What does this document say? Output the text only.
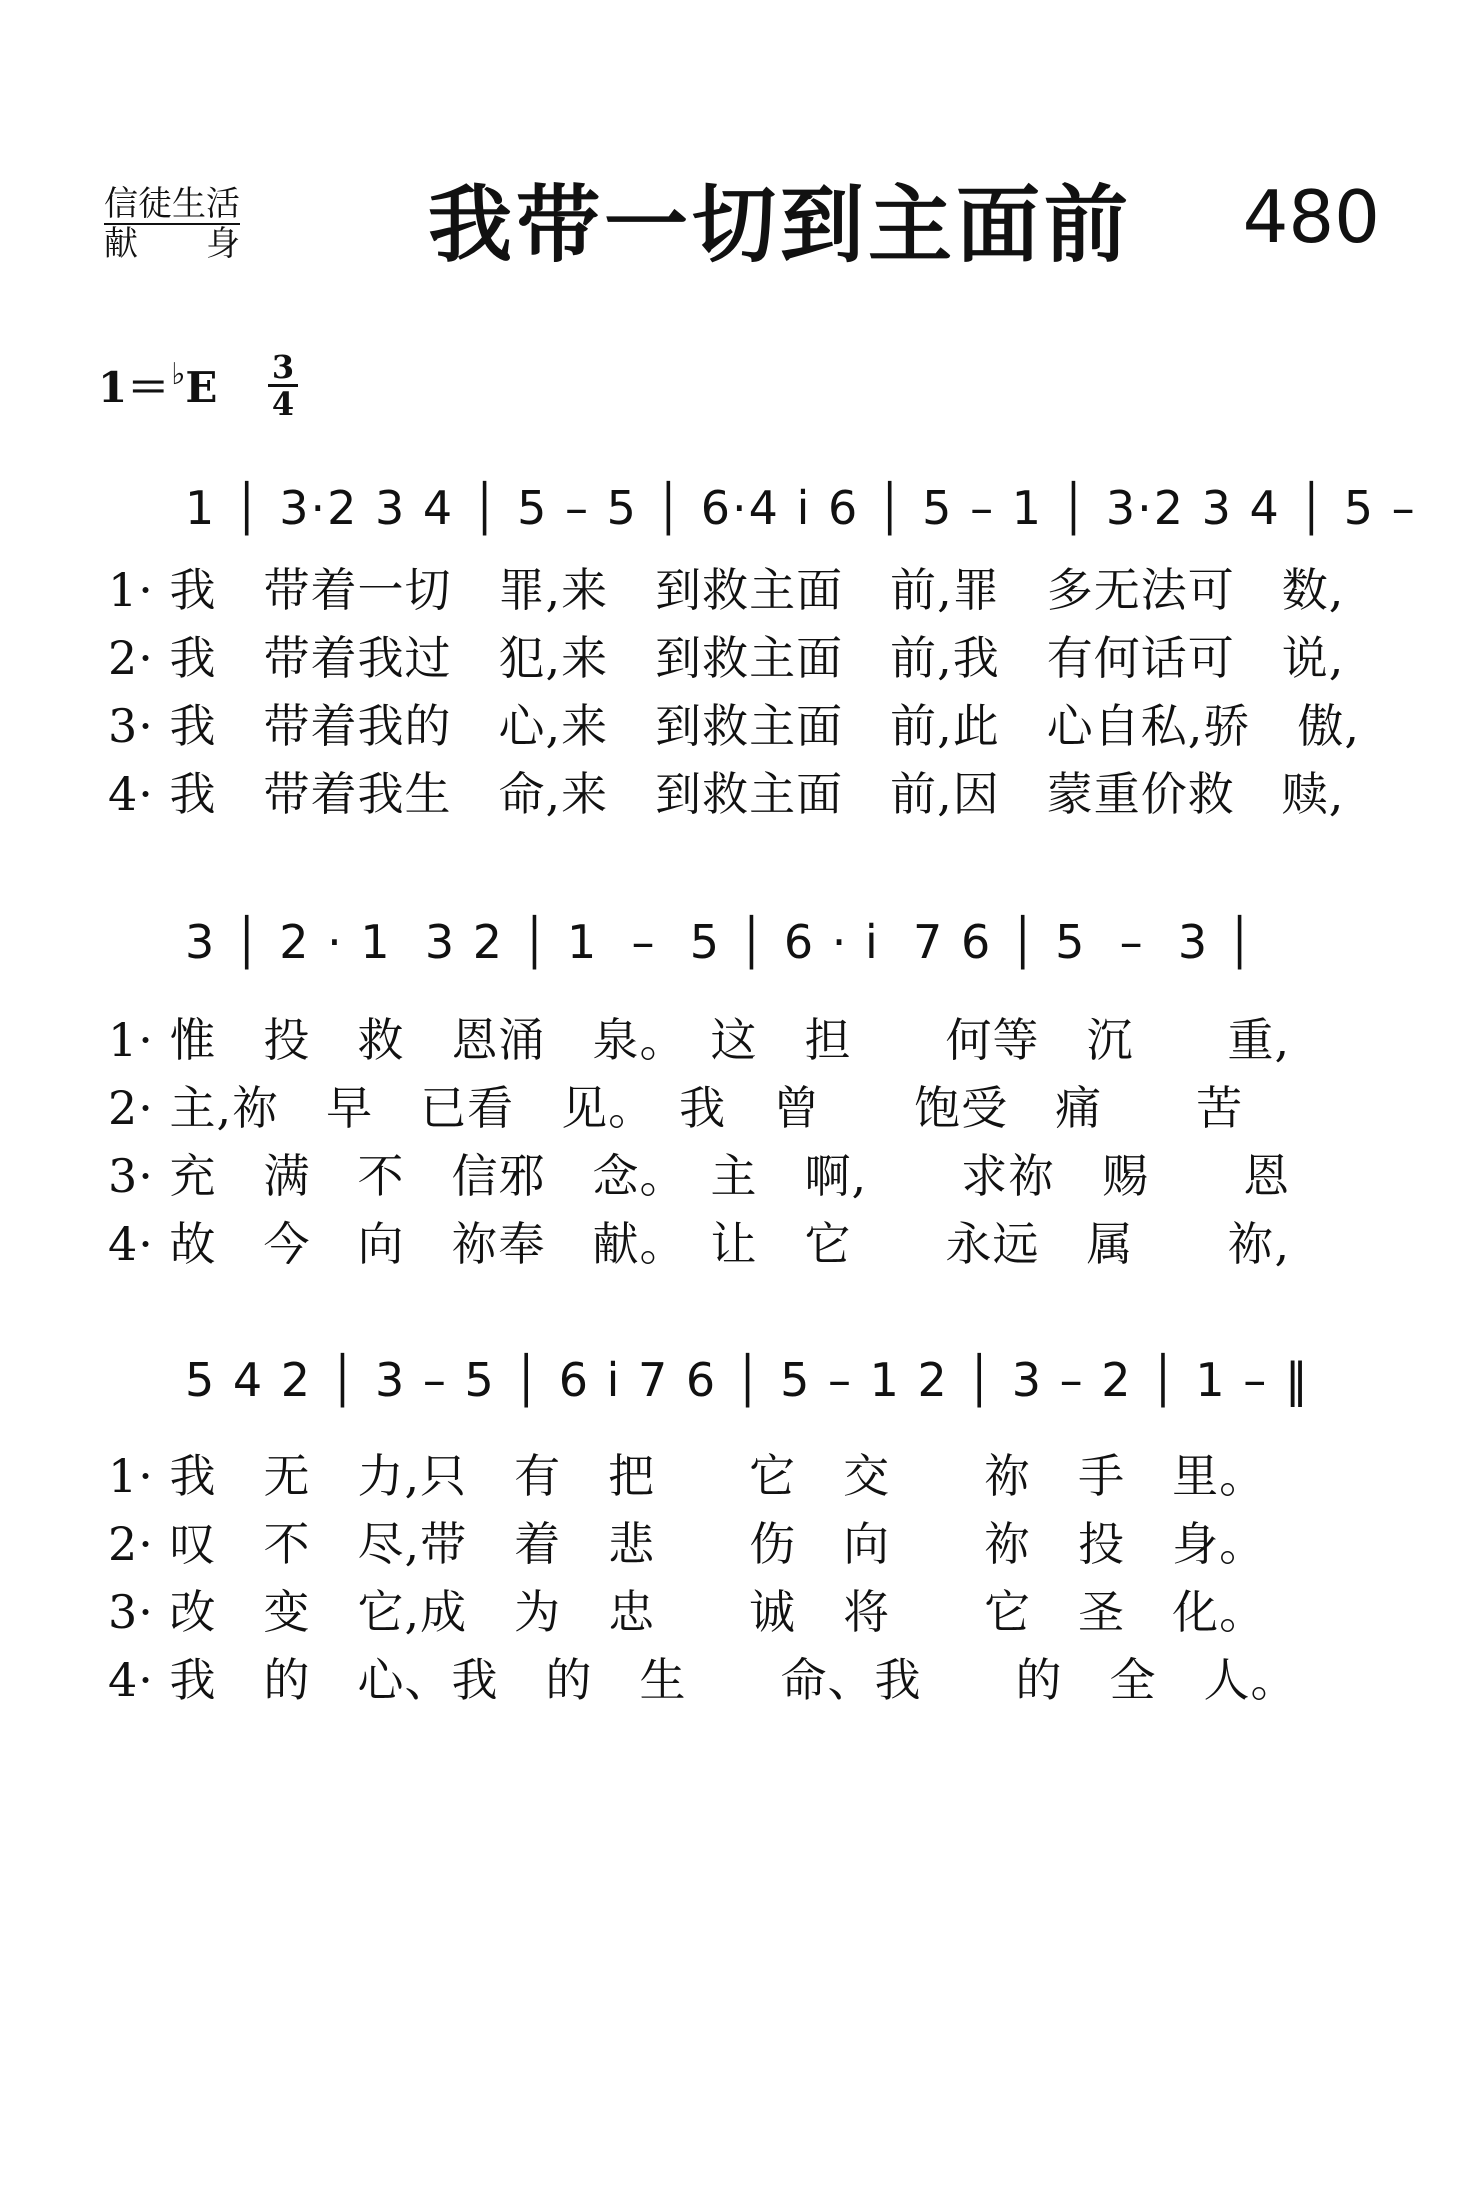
信徒生活
献　　身	我带一切到主面前	480
$1=^♭E \frac{3}{4}$
1 │ 3·2 3 4 │ 5 – 5 │ 6·4 i̇ 6 │ 5 – 1 │ 3·2 3 4 │ 5 –
1· 我　带着一切　罪,来　到救主面　前,罪　多无法可　数,
2· 我　带着我过　犯,来　到救主面　前,我　有何话可　说,
3· 我　带着我的　心,来　到救主面　前,此　心自私,骄　傲,
4· 我　带着我生　命,来　到救主面　前,因　蒙重价救　赎,
3 │ 2 · 1  3 2 │ 1  –  5 │ 6 · i̇  7 6 │ 5  –  3 │
1· 惟　投　救　恩涌　泉。　这　担　　何等　沉　　重,
2· 主,祢　早　已看　见。　我　曾　　饱受　痛　　苦
3· 充　满　不　信邪　念。　主　啊,　　求祢　赐　　恩
4· 故　今　向　祢奉　献。　让　它　　永远　属　　祢,
5 4 2 │ 3 – 5 │ 6 i̇ 7 6 │ 5 – 1 2 │ 3 – 2 │ 1 – ‖
1· 我　无　力,只　有　把　　它　交　　祢　手　里。
2· 叹　不　尽,带　着　悲　　伤　向　　祢　投　身。
3· 改　变　它,成　为　忠　　诚　将　　它　圣　化。
4· 我　的　心、我　的　生　　命、我　　的　全　人。
